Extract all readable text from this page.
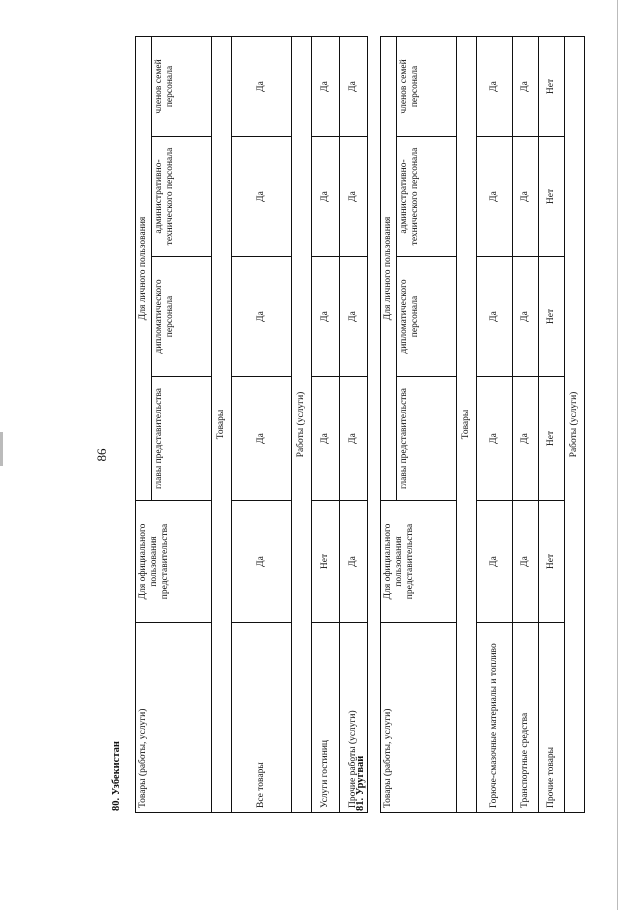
86
80. Узбекистан Товары (работы, услуги)	Для официального пользования представительства	Для личного пользования			
		главы представительства	дипломатического персонала	административно-технического персонала	членов семей персонала
Товары					
Все товары	Да	Да	Да	Да	Да
Работы (услуги)					
Услуги гостиниц	Нет	Да	Да	Да	Да
Прочие работы (услуги)	Да	Да	Да	Да	Да
81. Уругвай Товары (работы, услуги)	Для официального пользования представительства	Для личного пользования			
		главы представительства	дипломатического персонала	административно-технического персонала	членов семей персонала
Товары					
Горюче-смазочные материалы и топливо	Да	Да	Да	Да	Да
Транспортные средства	Да	Да	Да	Да	Да
Прочие товары	Нет	Нет	Нет	Нет	Нет
Работы (услуги)					
